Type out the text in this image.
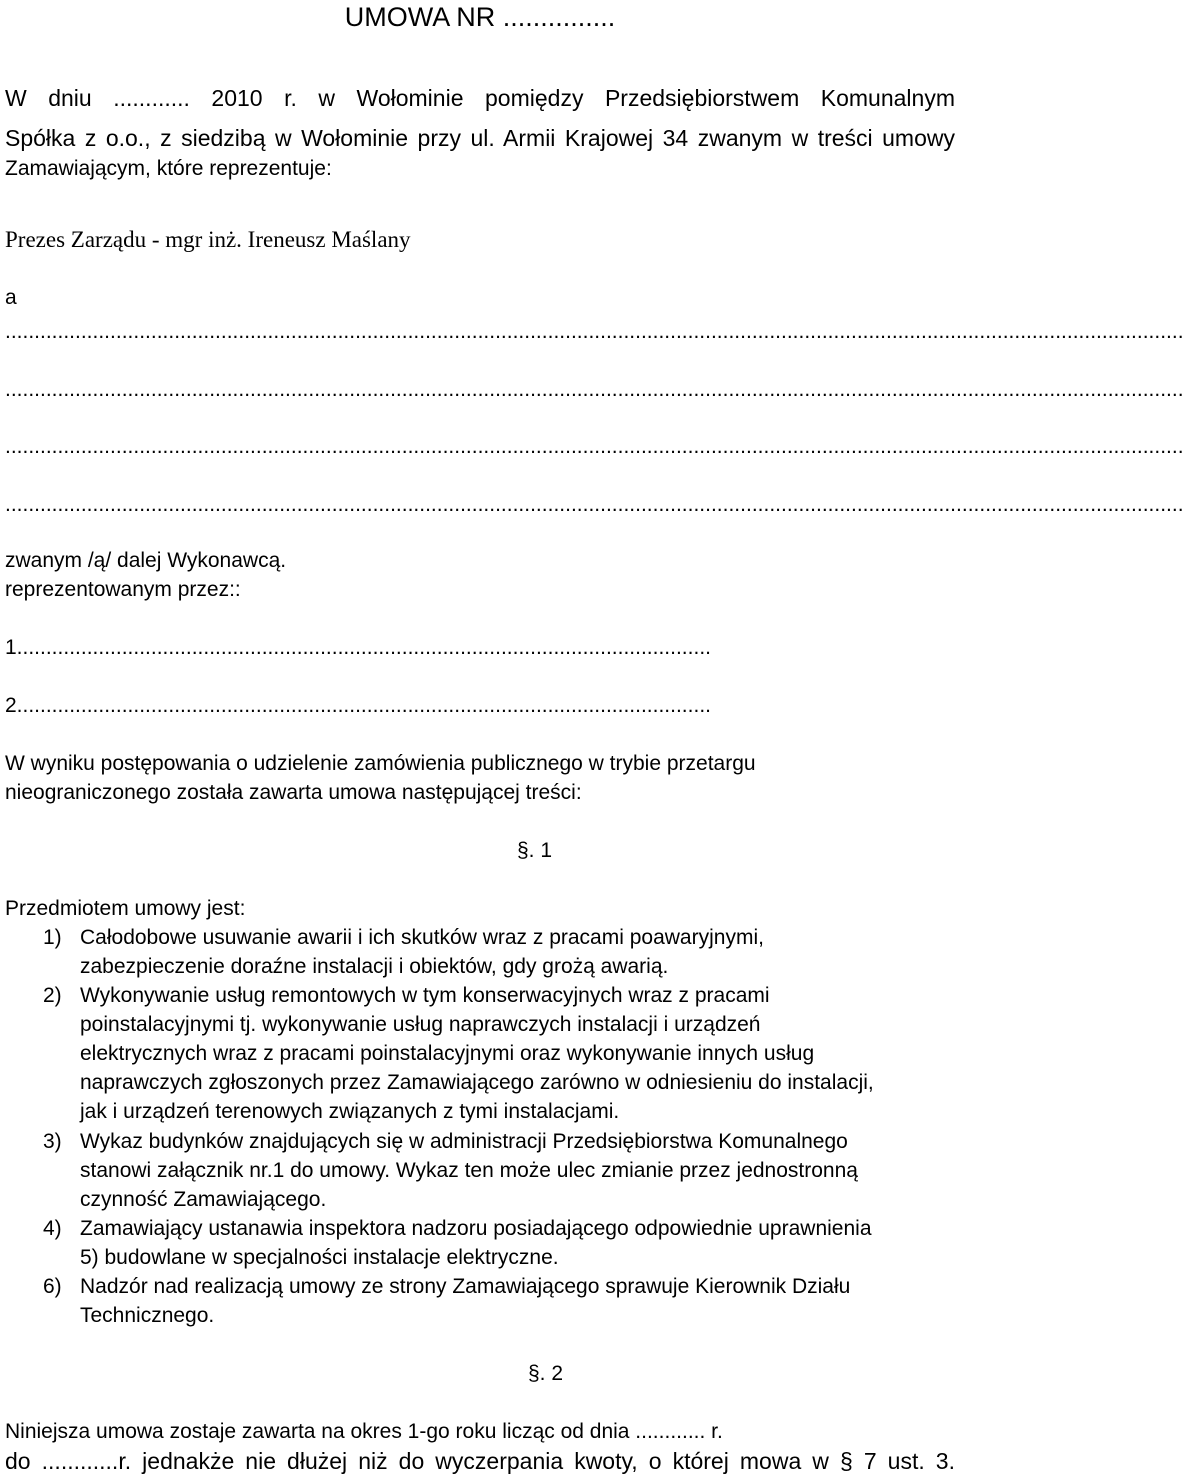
UMOWA NR ...............
W dniu ............ 2010 r. w Wołominie pomiędzy Przedsiębiorstwem Komunalnym
Spółka z o.o., z siedzibą w Wołominie przy ul. Armii Krajowej 34 zwanym w treści umowy
Zamawiającym, które reprezentuje:
Prezes Zarządu - mgr inż. Ireneusz Maślany
a
..........................................................................................................................................................................................................
..........................................................................................................................................................................................................
..........................................................................................................................................................................................................
..........................................................................................................................................................................................................
zwanym /ą/ dalej Wykonawcą.
reprezentowanym przez::
1.......................................................................................................................
2.......................................................................................................................
W wyniku postępowania o udzielenie zamówienia publicznego w trybie przetargu
nieograniczonego została zawarta umowa następującej treści:
§. 1
Przedmiotem umowy jest:
1) Całodobowe usuwanie awarii i ich skutków wraz z pracami poawaryjnymi,
zabezpieczenie doraźne instalacji i obiektów, gdy grożą awarią.
2) Wykonywanie usług remontowych w tym konserwacyjnych wraz z pracami
poinstalacyjnymi tj. wykonywanie usług naprawczych instalacji i urządzeń
elektrycznych wraz z pracami poinstalacyjnymi oraz wykonywanie innych usług
naprawczych zgłoszonych przez Zamawiającego zarówno w odniesieniu do instalacji,
jak i urządzeń terenowych związanych z tymi instalacjami.
3) Wykaz budynków znajdujących się w administracji Przedsiębiorstwa Komunalnego
stanowi załącznik nr.1 do umowy. Wykaz ten może ulec zmianie przez jednostronną
czynność Zamawiającego.
4) Zamawiający ustanawia inspektora nadzoru posiadającego odpowiednie uprawnienia
5) budowlane w specjalności instalacje elektryczne.
6) Nadzór nad realizacją umowy ze strony Zamawiającego sprawuje Kierownik Działu
Technicznego.
§. 2
Niniejsza umowa zostaje zawarta na okres 1-go roku licząc od dnia ............ r.
do ............r. jednakże nie dłużej niż do wyczerpania kwoty, o której mowa w § 7 ust. 3.
